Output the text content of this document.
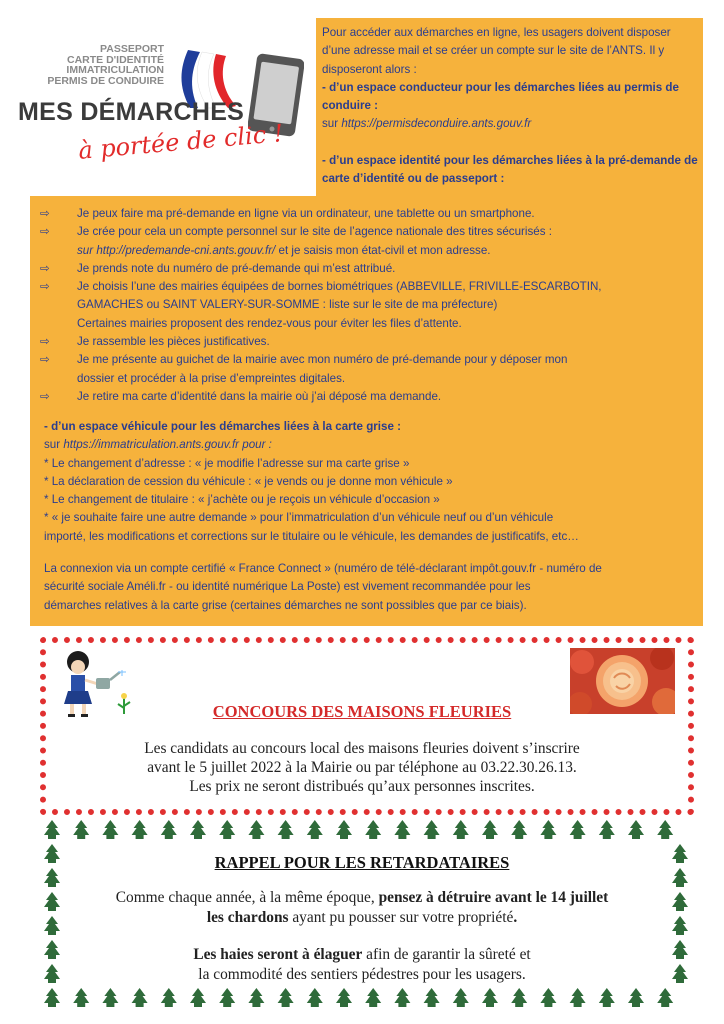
PASSEPORT
CARTE D'IDENTITÉ
IMMATRICULATION
PERMIS DE CONDUIRE
MES DÉMARCHES
à portée de clic !
Pour accéder aux démarches en ligne, les usagers doivent disposer d’une adresse mail et se créer un compte sur le site de l’ANTS. Il y disposeront alors :
- d’un espace conducteur pour les démarches liées au permis de conduire :
sur https://permisdeconduire.ants.gouv.fr
- d’un espace identité pour les démarches liées à la pré-demande de carte d’identité ou de passeport :
⇨ Je peux faire ma pré-demande en ligne via un ordinateur, une tablette ou un smartphone.
⇨ Je crée pour cela un compte personnel sur le site de l’agence nationale des titres sécurisés :
sur http://predemande-cni.ants.gouv.fr/ et je saisis mon état-civil et mon adresse.
⇨ Je prends note du numéro de pré-demande qui m’est attribué.
⇨ Je choisis l’une des mairies équipées de bornes biométriques (ABBEVILLE, FRIVILLE-ESCARBOTIN,
GAMACHES ou SAINT VALERY-SUR-SOMME : liste sur le site de ma préfecture)
Certaines mairies proposent des rendez-vous pour éviter les files d’attente.
⇨ Je rassemble les pièces justificatives.
⇨ Je me présente au guichet de la mairie avec mon numéro de pré-demande pour y déposer mon
dossier et procéder à la prise d’empreintes digitales.
⇨ Je retire ma carte d’identité dans la mairie où j’ai déposé ma demande.
- d’un espace véhicule pour les démarches liées à la carte grise :
sur https://immatriculation.ants.gouv.fr pour :
* Le changement d’adresse : « je modifie l’adresse sur ma carte grise »
* La déclaration de cession du véhicule : « je vends ou je donne mon véhicule »
* Le changement de titulaire : « j’achète ou je reçois un véhicule d’occasion »
* « je souhaite faire une autre demande » pour l’immatriculation d’un véhicule neuf ou d’un véhicule
importé, les modifications et corrections sur le titulaire ou le véhicule, les demandes de justificatifs, etc…
La connexion via un compte certifié « France Connect » (numéro de télé-déclarant impôt.gouv.fr - numéro de
sécurité sociale Améli.fr - ou identité numérique La Poste) est vivement recommandée pour les
démarches relatives à la carte grise (certaines démarches ne sont possibles que par ce biais).
CONCOURS DES MAISONS FLEURIES
Les candidats au concours local des maisons fleuries doivent s’inscrire
avant le 5 juillet 2022 à la Mairie ou par téléphone au 03.22.30.26.13.
Les prix ne seront distribués qu’aux personnes inscrites.
RAPPEL POUR LES RETARDATAIRES
Comme chaque année, à la même époque, pensez à détruire avant le 14 juillet
les chardons ayant pu pousser sur votre propriété.
Les haies seront à élaguer afin de garantir la sûreté et
la commodité des sentiers pédestres pour les usagers.
